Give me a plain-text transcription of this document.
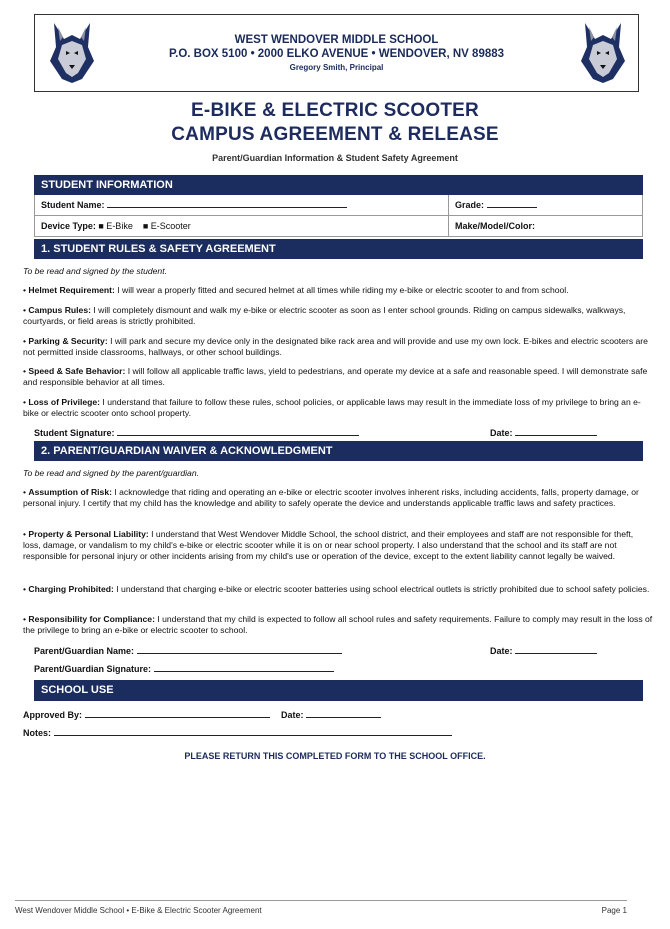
WEST WENDOVER MIDDLE SCHOOL
P.O. BOX 5100 • 2000 ELKO AVENUE • WENDOVER, NV 89883
Gregory Smith, Principal
E-BIKE & ELECTRIC SCOOTER
CAMPUS AGREEMENT & RELEASE
Parent/Guardian Information & Student Safety Agreement
STUDENT INFORMATION
Student Name:	Grade:
Device Type: ■ E-Bike ■ E-Scooter	Make/Model/Color:
1. STUDENT RULES & SAFETY AGREEMENT
To be read and signed by the student.
• Helmet Requirement: I will wear a properly fitted and secured helmet at all times while riding my e-bike or electric scooter to and from school.
• Campus Rules: I will completely dismount and walk my e-bike or electric scooter as soon as I enter school grounds. Riding on campus sidewalks, walkways, courtyards, or field areas is strictly prohibited.
• Parking & Security: I will park and secure my device only in the designated bike rack area and will provide and use my own lock. E-bikes and electric scooters are not permitted inside classrooms, hallways, or other school buildings.
• Speed & Safe Behavior: I will follow all applicable traffic laws, yield to pedestrians, and operate my device at a safe and reasonable speed. I will demonstrate safe and responsible behavior at all times.
• Loss of Privilege: I understand that failure to follow these rules, school policies, or applicable laws may result in the immediate loss of my privilege to bring an e-bike or electric scooter onto school property.
Student Signature:	Date:
2. PARENT/GUARDIAN WAIVER & ACKNOWLEDGMENT
To be read and signed by the parent/guardian.
• Assumption of Risk: I acknowledge that riding and operating an e-bike or electric scooter involves inherent risks, including accidents, falls, property damage, or personal injury. I certify that my child has the knowledge and ability to safely operate the device and understands applicable traffic laws and safety practices.
• Property & Personal Liability: I understand that West Wendover Middle School, the school district, and their employees and staff are not responsible for theft, loss, damage, or vandalism to my child's e-bike or electric scooter while it is on or near school property. I also understand that the school and its staff are not responsible for personal injury or other incidents arising from my child's use or operation of the device, except to the extent liability cannot legally be waived.
• Charging Prohibited: I understand that charging e-bike or electric scooter batteries using school electrical outlets is strictly prohibited due to school safety policies.
• Responsibility for Compliance: I understand that my child is expected to follow all school rules and safety requirements. Failure to comply may result in the loss of the privilege to bring an e-bike or electric scooter to school.
Parent/Guardian Name:	Date:
Parent/Guardian Signature:
SCHOOL USE
Approved By:	Date:
Notes:
PLEASE RETURN THIS COMPLETED FORM TO THE SCHOOL OFFICE.
West Wendover Middle School • E-Bike & Electric Scooter Agreement	Page 1
